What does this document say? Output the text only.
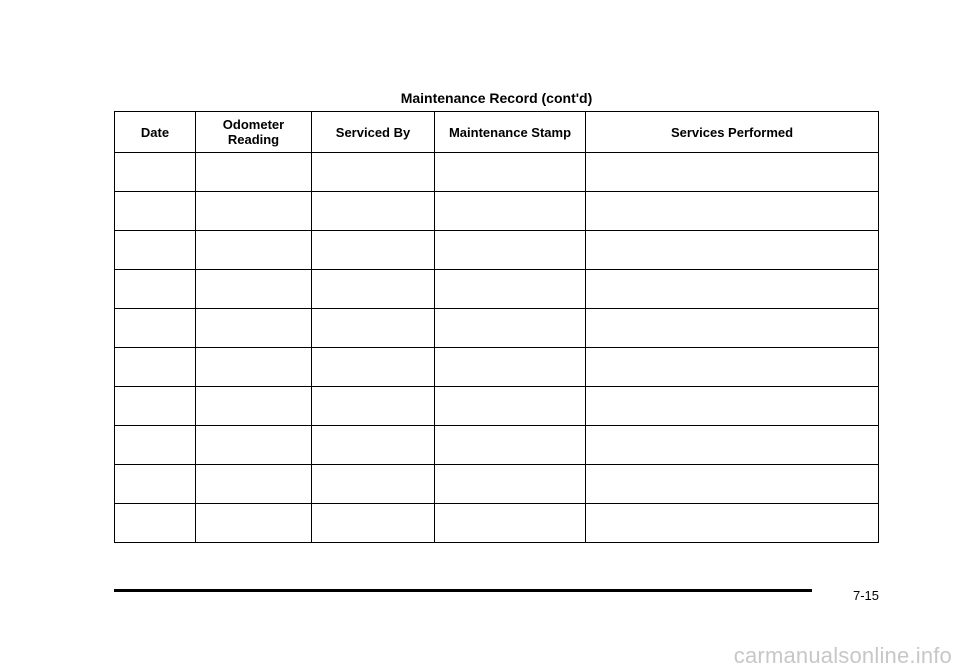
Maintenance Record (cont'd)
Date	Odometer Reading	Serviced By	Maintenance Stamp	Services Performed

7-15
carmanualsonline.info
